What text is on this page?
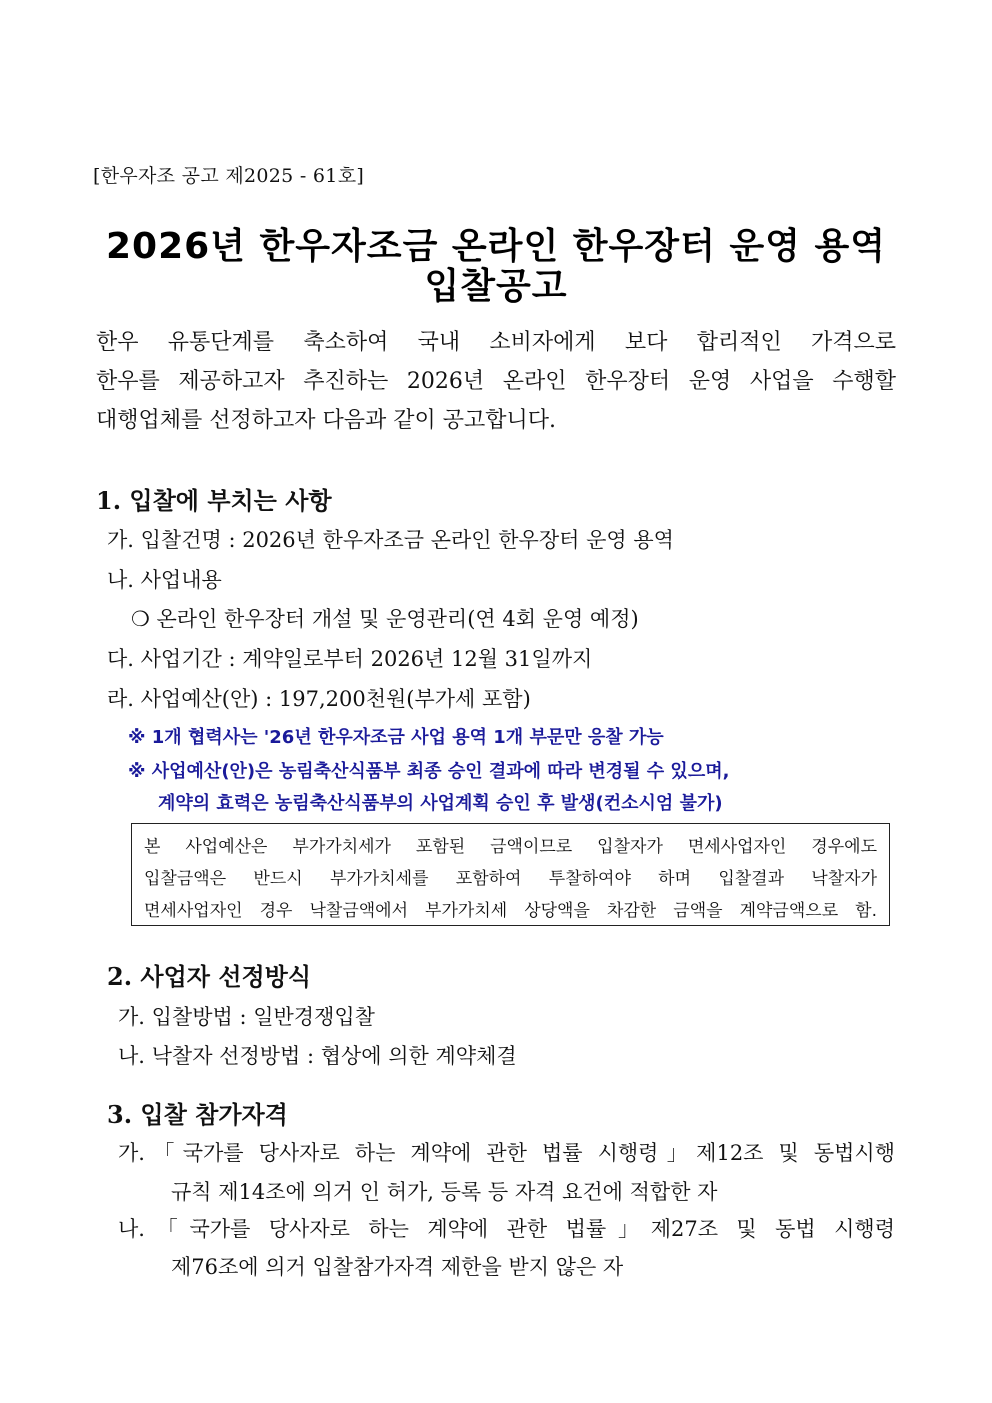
[한우자조 공고 제2025 - 61호]
2026년 한우자조금 온라인 한우장터 운영 용역
입찰공고
한우 유통단계를 축소하여 국내 소비자에게 보다 합리적인 가격으로
한우를 제공하고자 추진하는 2026년 온라인 한우장터 운영 사업을 수행할
대행업체를 선정하고자 다음과 같이 공고합니다.
1. 입찰에 부치는 사항
가. 입찰건명 : 2026년 한우자조금 온라인 한우장터 운영 용역
나. 사업내용
❍ 온라인 한우장터 개설 및 운영관리(연 4회 운영 예정)
다. 사업기간 : 계약일로부터 2026년 12월 31일까지
라. 사업예산(안) : 197,200천원(부가세 포함)
※ 1개 협력사는 '26년 한우자조금 사업 용역 1개 부문만 응찰 가능
※ 사업예산(안)은 농림축산식품부 최종 승인 결과에 따라 변경될 수 있으며,
계약의 효력은 농림축산식품부의 사업계획 승인 후 발생(컨소시엄 불가)
본 사업예산은 부가가치세가 포함된 금액이므로 입찰자가 면세사업자인 경우에도
입찰금액은 반드시 부가가치세를 포함하여 투찰하여야 하며 입찰결과 낙찰자가
면세사업자인 경우 낙찰금액에서 부가가치세 상당액을 차감한 금액을 계약금액으로 함.
2. 사업자 선정방식
가. 입찰방법 : 일반경쟁입찰
나. 낙찰자 선정방법 : 협상에 의한 계약체결
3. 입찰 참가자격
가.「국가를 당사자로 하는 계약에 관한 법률 시행령」제12조 및 동법시행
규칙 제14조에 의거 인 허가, 등록 등 자격 요건에 적합한 자
나.「국가를 당사자로 하는 계약에 관한 법률」제27조 및 동법 시행령
제76조에 의거 입찰참가자격 제한을 받지 않은 자
